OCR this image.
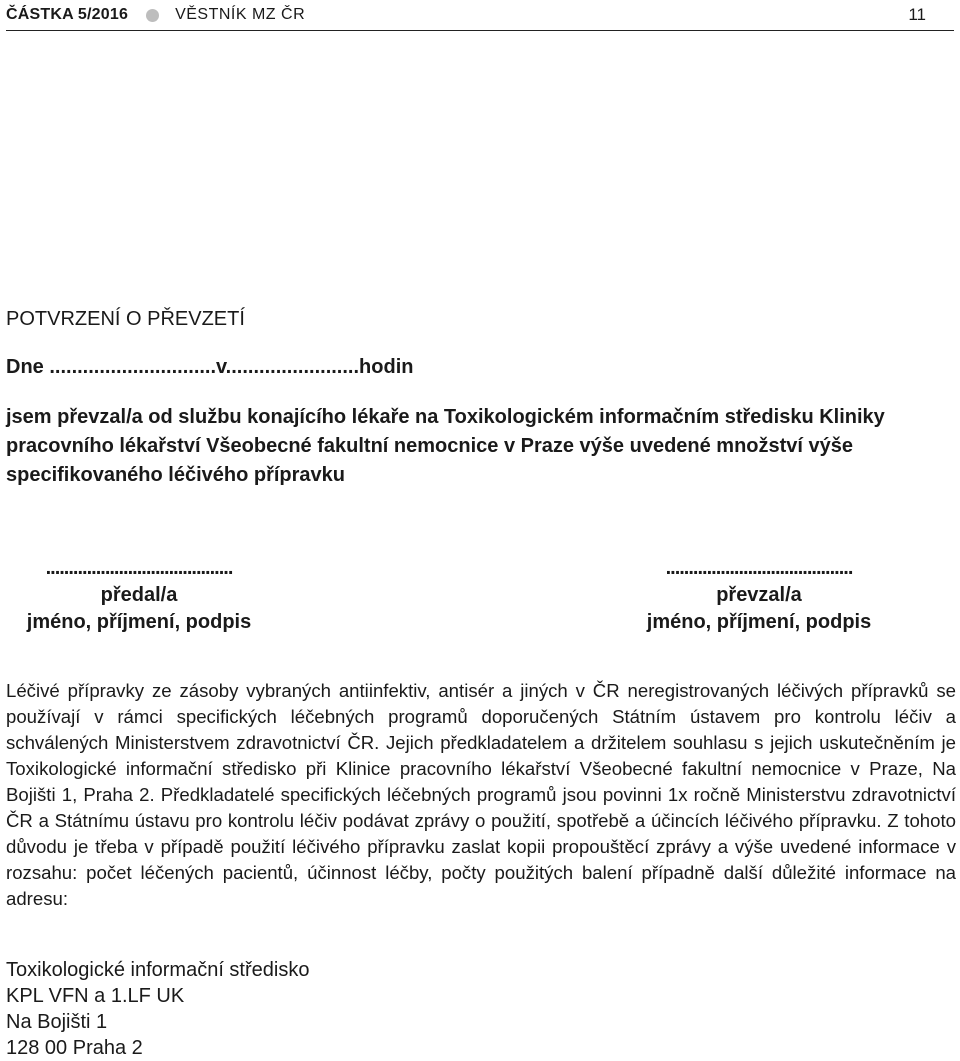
ČÁSTKA 5/2016	VĚSTNÍK MZ ČR	11
POTVRZENÍ O PŘEVZETÍ
Dne ..............................v........................hodin
jsem převzal/a od službu konajícího lékaře na Toxikologickém informačním středisku Kliniky pracovního lékařství Všeobecné fakultní nemocnice v Praze výše uvedené množství výše specifikovaného léčivého přípravku
.........................................
předal/a
jméno, příjmení, podpis
.........................................
převzal/a
jméno, příjmení, podpis
Léčivé přípravky ze zásoby vybraných antiinfektiv, antisér a jiných v ČR neregistrovaných léčivých přípravků se používají v rámci specifických léčebných programů doporučených Státním ústavem pro kontrolu léčiv a schválených Ministerstvem zdravotnictví ČR. Jejich předkladatelem a držitelem souhlasu s jejich uskutečněním je Toxikologické informační středisko při Klinice pracovního lékařství Všeobecné fakultní nemocnice v Praze, Na Bojišti 1, Praha 2. Předkladatelé specifických léčebných programů jsou povinni 1x ročně Ministerstvu zdravotnictví ČR a Státnímu ústavu pro kontrolu léčiv podávat zprávy o použití, spotřebě a účincích léčivého přípravku. Z tohoto důvodu je třeba v případě použití léčivého přípravku zaslat kopii propouštěcí zprávy a výše uvedené informace v rozsahu: počet léčených pacientů, účinnost léčby, počty použitých balení případně další důležité informace na adresu:
Toxikologické informační středisko
KPL VFN a 1.LF UK
Na Bojišti 1
128 00 Praha 2
